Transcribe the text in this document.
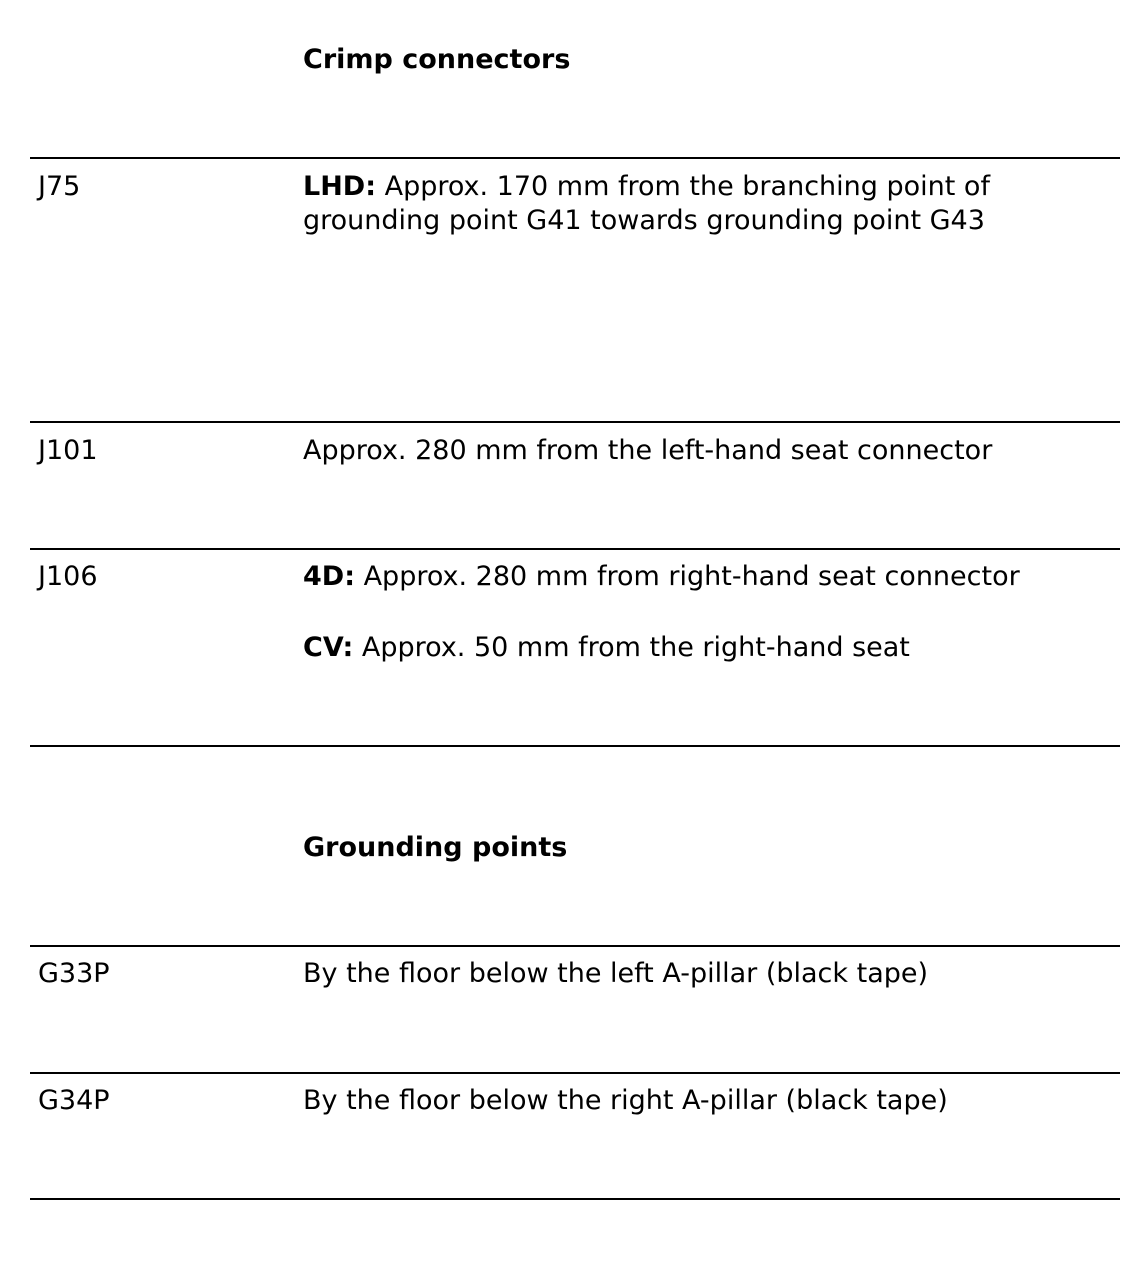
Crimp connectors
J75	LHD: Approx. 170 mm from the branching point of grounding point G41 towards grounding point G43
J101	Approx. 280 mm from the left-hand seat connector
J106	4D: Approx. 280 mm from right-hand seat connector
CV: Approx. 50 mm from the right-hand seat
Grounding points
G33P	By the floor below the left A-pillar (black tape)
G34P	By the floor below the right A-pillar (black tape)
